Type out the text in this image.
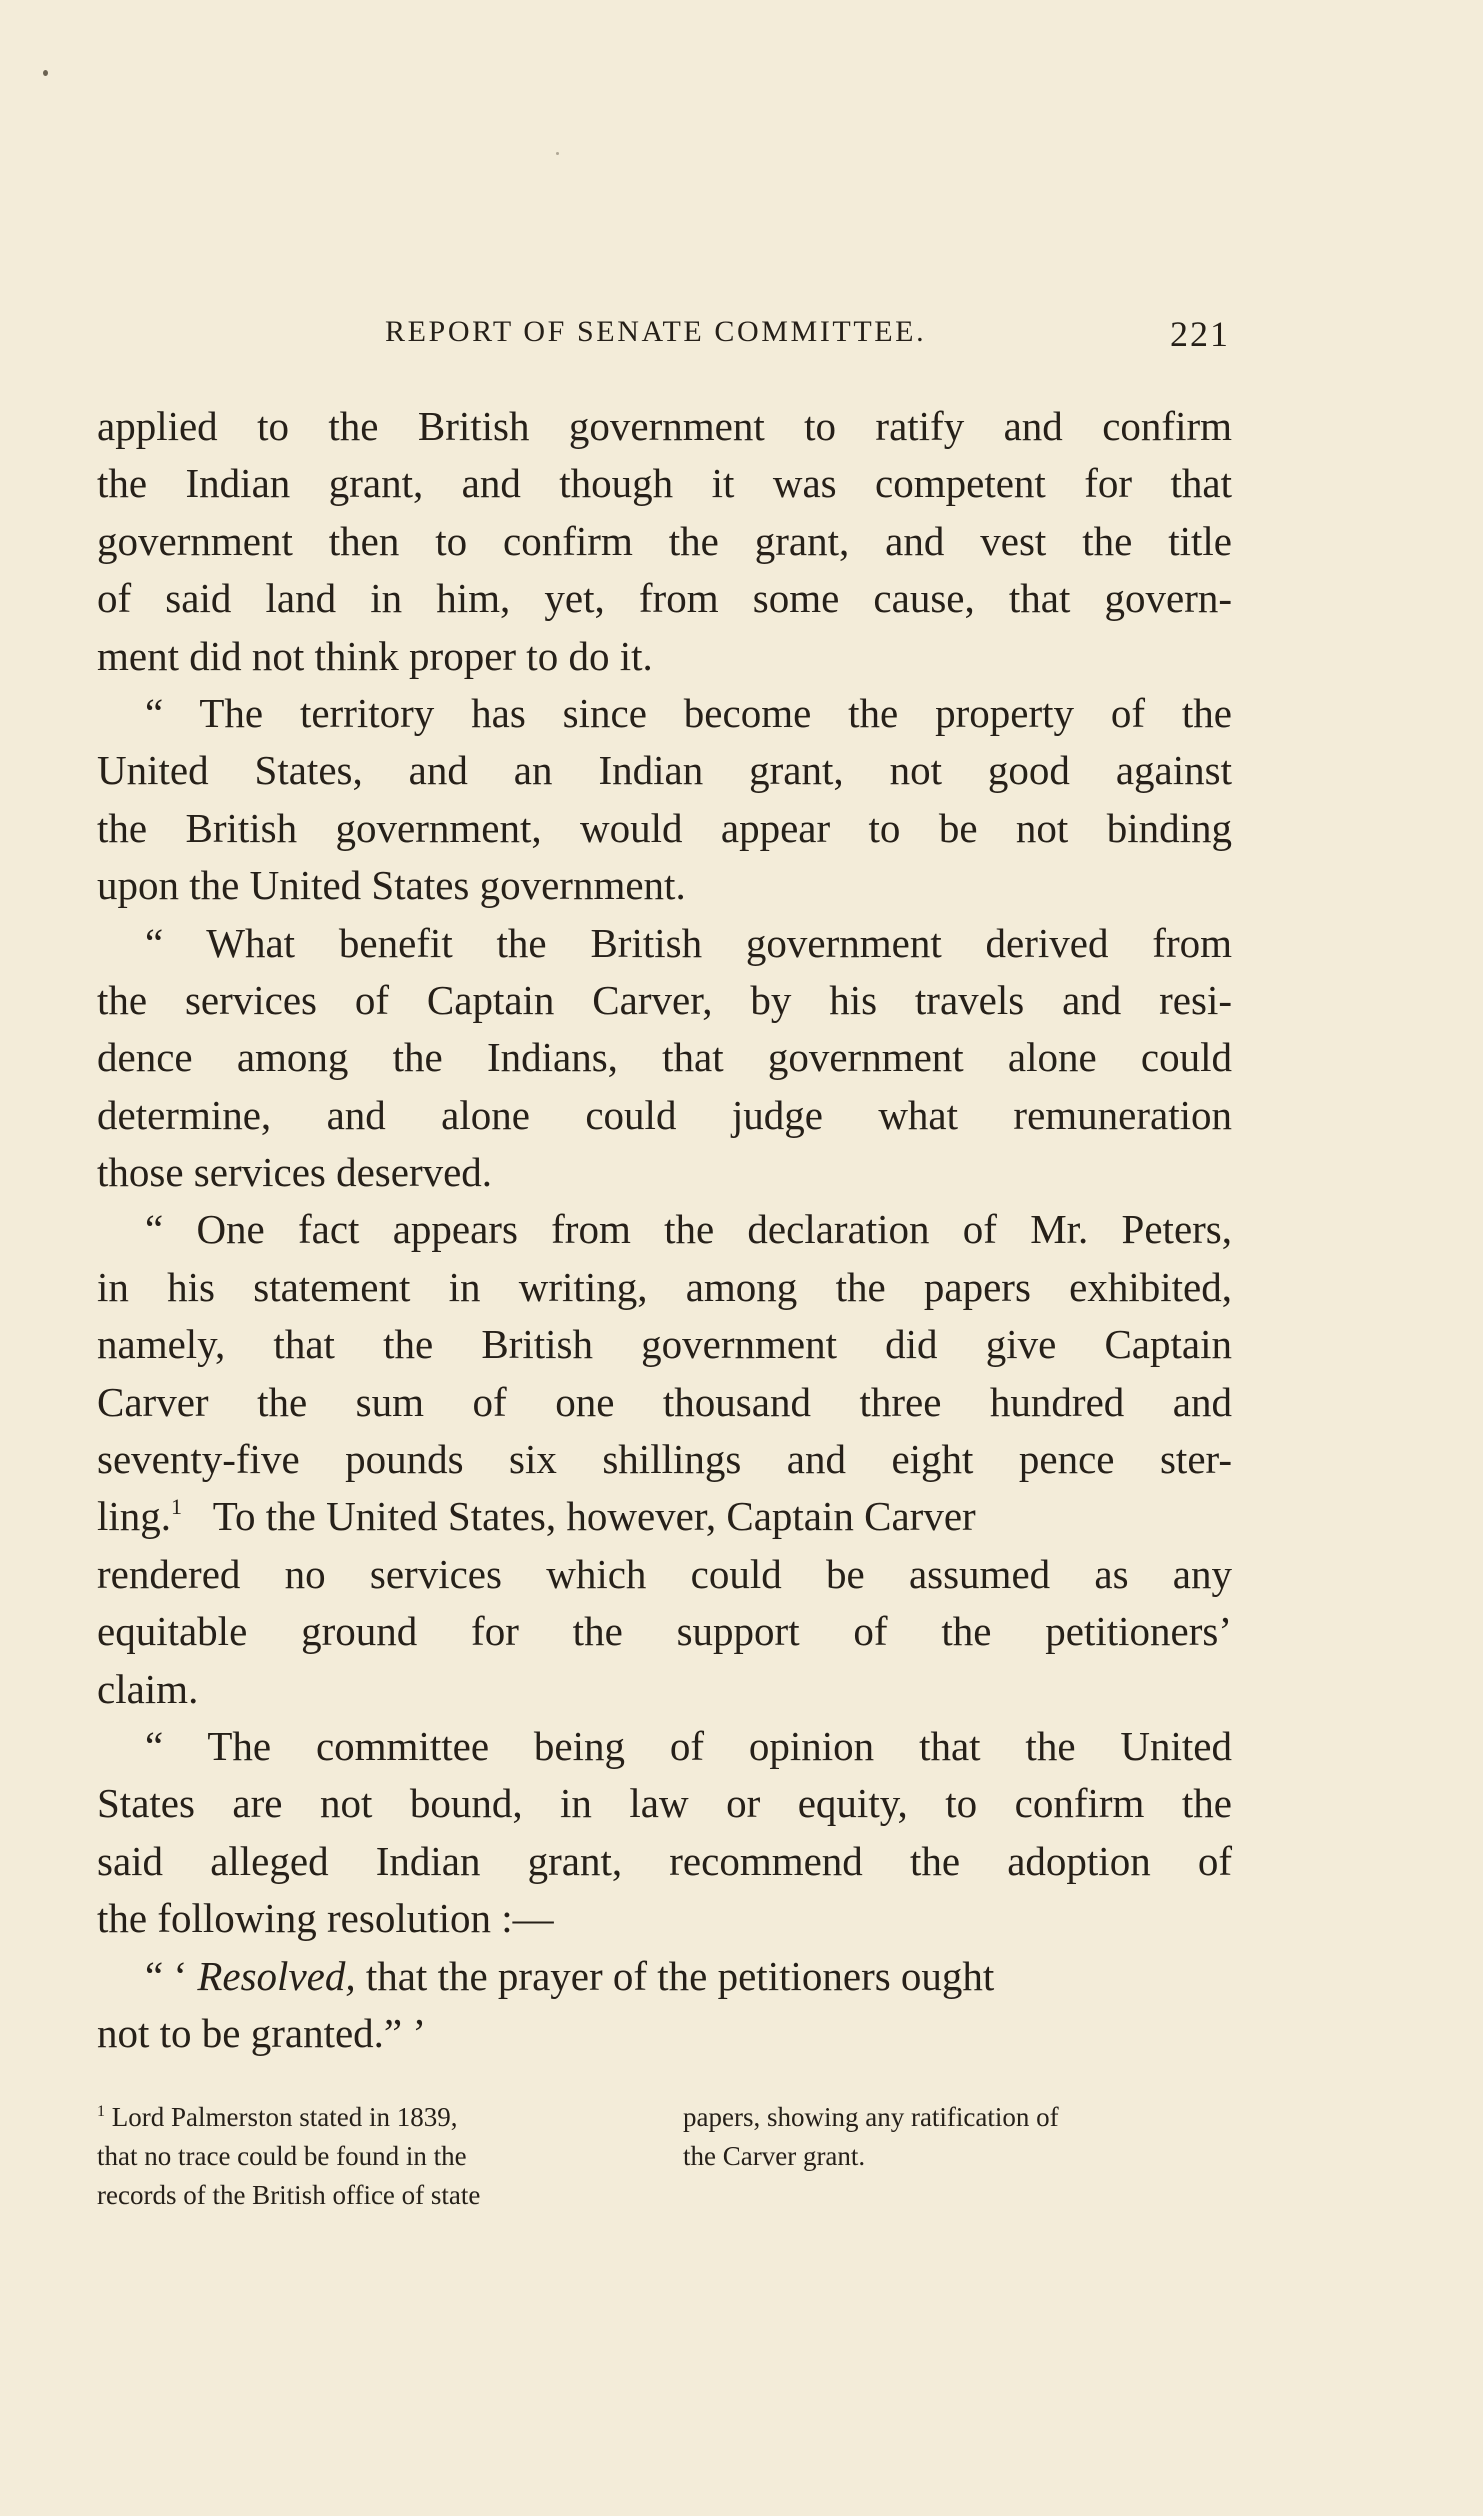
REPORT OF SENATE COMMITTEE.	221
applied to the British government to ratify and confirm
the Indian grant, and though it was competent for that
government then to confirm the grant, and vest the title
of said land in him, yet, from some cause, that govern-
ment did not think proper to do it.
“ The territory has since become the property of the
United States, and an Indian grant, not good against
the British government, would appear to be not binding
upon the United States government.
“ What benefit the British government derived from
the services of Captain Carver, by his travels and resi-
dence among the Indians, that government alone could
determine, and alone could judge what remuneration
those services deserved.
“ One fact appears from the declaration of Mr. Peters,
in his statement in writing, among the papers exhibited,
namely, that the British government did give Captain
Carver the sum of one thousand three hundred and
seventy-five pounds six shillings and eight pence ster-
ling.$^1$ To the United States, however, Captain Carver
rendered no services which could be assumed as any
equitable ground for the support of the petitioners’
claim.
“ The committee being of opinion that the United
States are not bound, in law or equity, to confirm the
said alleged Indian grant, recommend the adoption of
the following resolution :—
“ ‘ Resolved, that the prayer of the petitioners ought
not to be granted.” ’
$^1$ Lord Palmerston stated in 1839,
that no trace could be found in the
records of the British office of state
papers, showing any ratification of
the Carver grant.
